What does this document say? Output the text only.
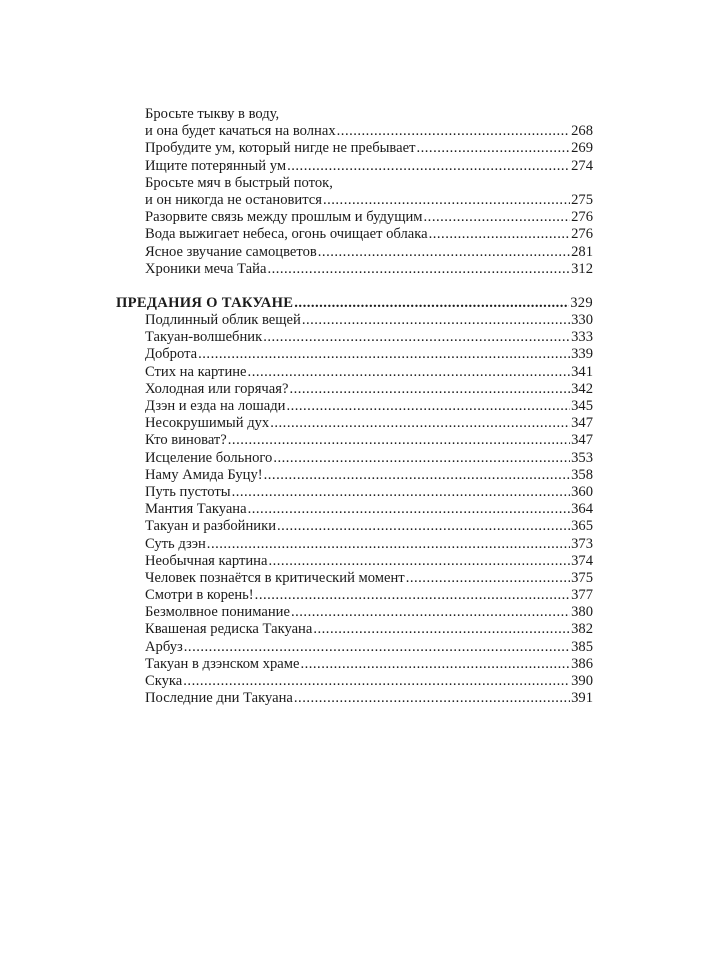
Бросьте тыкву в воду,
и она будет качаться на волнах .....	268
Пробудите ум, который нигде не пребывает .....	269
Ищите потерянный ум .....	274
Бросьте мяч в быстрый поток,
и он никогда не остановится .....	275
Разорвите связь между прошлым и будущим .....	276
Вода выжигает небеса, огонь очищает облака .....	276
Ясное звучание самоцветов .....	281
Хроники меча Тайа .....	312
ПРЕДАНИЯ О ТАКУАНЕ .....	329
Подлинный облик вещей .....	330
Такуан-волшебник .....	333
Доброта .....	339
Стих на картине .....	341
Холодная или горячая? .....	342
Дзэн и езда на лошади .....	345
Несокрушимый дух .....	347
Кто виноват? .....	347
Исцеление больного .....	353
Наму Амида Буцу! .....	358
Путь пустоты .....	360
Мантия Такуана .....	364
Такуан и разбойники .....	365
Суть дзэн .....	373
Необычная картина .....	374
Человек познаётся в критический момент .....	375
Смотри в корень! .....	377
Безмолвное понимание .....	380
Квашеная редиска Такуана .....	382
Арбуз .....	385
Такуан в дзэнском храме .....	386
Скука .....	390
Последние дни Такуана .....	391
